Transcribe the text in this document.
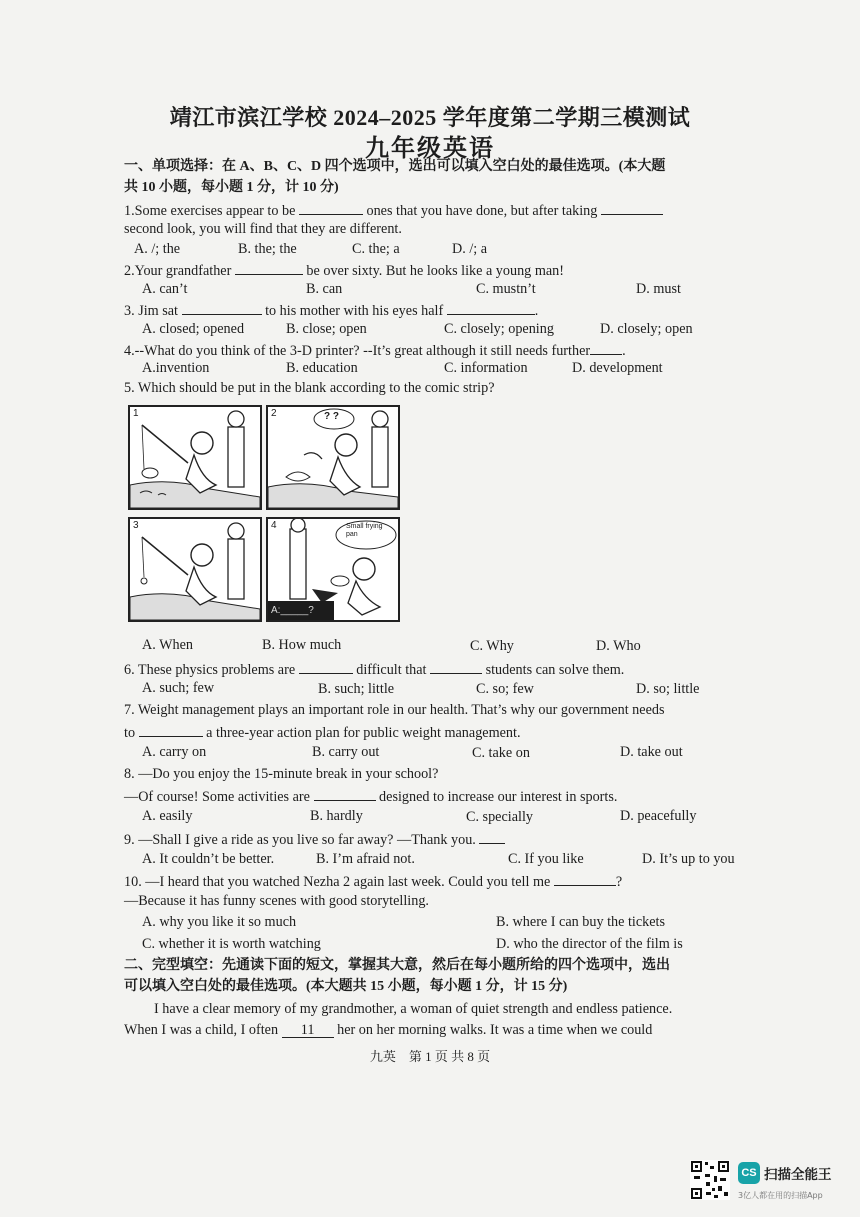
靖江市滨江学校 2024–2025 学年度第二学期三模测试
九年级英语
一、单项选择：在 A、B、C、D 四个选项中，选出可以填入空白处的最佳选项。(本大题
共 10 小题，每小题 1 分，计 10 分)
1.Some exercises appear to be	ones that you have done, but after taking
second look, you will find that they are different.
A. /; the	B. the; the	C. the; a	D. /; a
2.Your grandfather	be over sixty. But he looks like a young man!
A. can’t	B. can	C. mustn’t	D. must
3. Jim sat	to his mother with his eyes half	.
A. closed; opened	B. close; open	C. closely; opening	D. closely; open
4.--What do you think of the 3-D printer? --It’s great although it still needs further .
A.invention	B. education	C. information	D. development
5. Which should be put in the blank according to the comic strip?
1	2	? ?
3	4	Small frying pan
A:_____?
A. When	B. How much	C. Why	D. Who
6. These physics problems are	difficult that	students can solve them.
A. such; few	B. such; little	C. so; few	D. so; little
7. Weight management plays an important role in our health. That’s why our government needs
to	a three-year action plan for public weight management.
A. carry on	B. carry out	C. take on	D. take out
8. —Do you enjoy the 15-minute break in your school?
—Of course! Some activities are	designed to increase our interest in sports.
A. easily	B. hardly	C. specially	D. peacefully
9. —Shall I give a ride as you live so far away? —Thank you.
A. It couldn’t be better.	B. I’m afraid not.	C. If you like	D. It’s up to you
10. —I heard that you watched Nezha 2 again last week. Could you tell me	?
—Because it has funny scenes with good storytelling.
A. why you like it so much	B. where I can buy the tickets
C. whether it is worth watching	D. who the director of the film is
二、完型填空：先通读下面的短文，掌握其大意，然后在每小题所给的四个选项中，选出
可以填入空白处的最佳选项。(本大题共 15 小题，每小题 1 分，计 15 分)
I have a clear memory of my grandmother, a woman of quiet strength and endless patience.
When I was a child, I often 11 her on her morning walks. It was a time when we could
九英　第 1 页 共 8 页
CS 扫描全能王
3亿人都在用的扫描App
